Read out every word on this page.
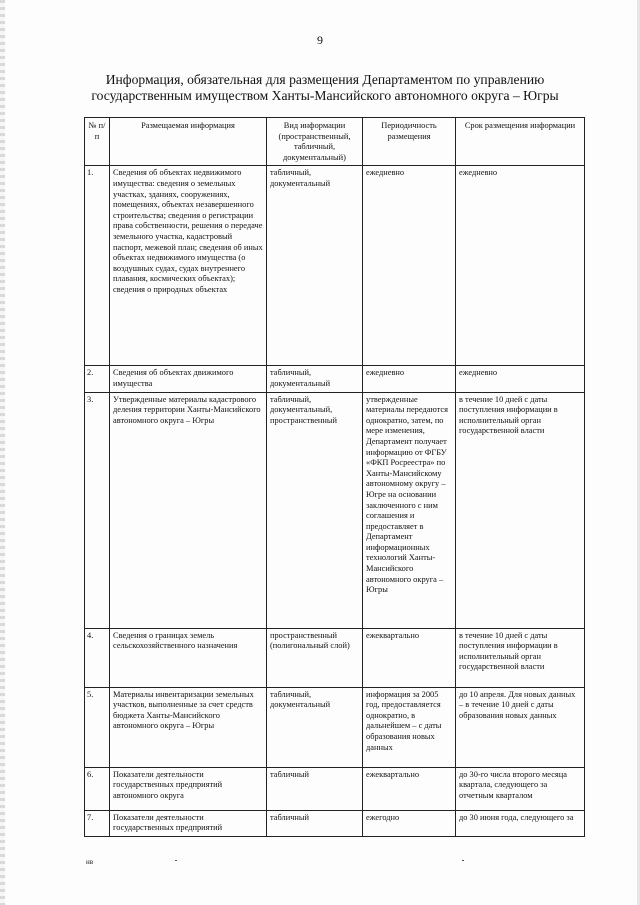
9
Информация, обязательная для размещения Департаментом по управлению
государственным имуществом Ханты-Мансийского автономного округа – Югры
№ п/п	Размещаемая информация	Вид информации (пространственный, табличный, документальный)	Периодичность размещения	Срок размещения информации
1.	Сведения об объектах недвижимого имущества: сведения о земельных участках, зданиях, сооружениях, помещениях, объектах незавершенного строительства; сведения о регистрации права собственности, решения о передаче земельного участка, кадастровый паспорт, межевой план; сведения об иных объектах недвижимого имущества (о воздушных судах, судах внутреннего плавания, космических объектах); сведения о природных объектах	табличный, документальный	ежедневно	ежедневно
2.	Сведения об объектах движимого имущества	табличный, документальный	ежедневно	ежедневно
3.	Утвержденные материалы кадастрового деления территории Ханты-Мансийского автономного округа – Югры	табличный, документальный, пространственный	утвержденные материалы передаются однократно, затем, по мере изменения, Департамент получает информацию от ФГБУ «ФКП Росреестра» по Ханты-Мансийскому автономному округу – Югре на основании заключенного с ним соглашения и предоставляет в Департамент информационных технологий Ханты-Мансийского автономного округа – Югры	в течение 10 дней с даты поступления информации в исполнительный орган государственной власти
4.	Сведения о границах земель сельскохозяйственного назначения	пространственный (полигональный слой)	ежеквартально	в течение 10 дней с даты поступления информации в исполнительный орган государственной власти
5.	Материалы инвентаризации земельных участков, выполненные за счет средств бюджета Ханты-Мансийского автономного округа – Югры	табличный, документальный	информация за 2005 год, предоставляется однократно, в дальнейшем – с даты образования новых данных	до 10 апреля. Для новых данных – в течение 10 дней с даты образования новых данных
6.	Показатели деятельности государственных предприятий автономного округа	табличный	ежеквартально	до 30-го числа второго месяца квартала, следующего за отчетным кварталом
7.	Показатели деятельности государственных предприятий	табличный	ежегодно	до 30 июня года, следующего за
нв
